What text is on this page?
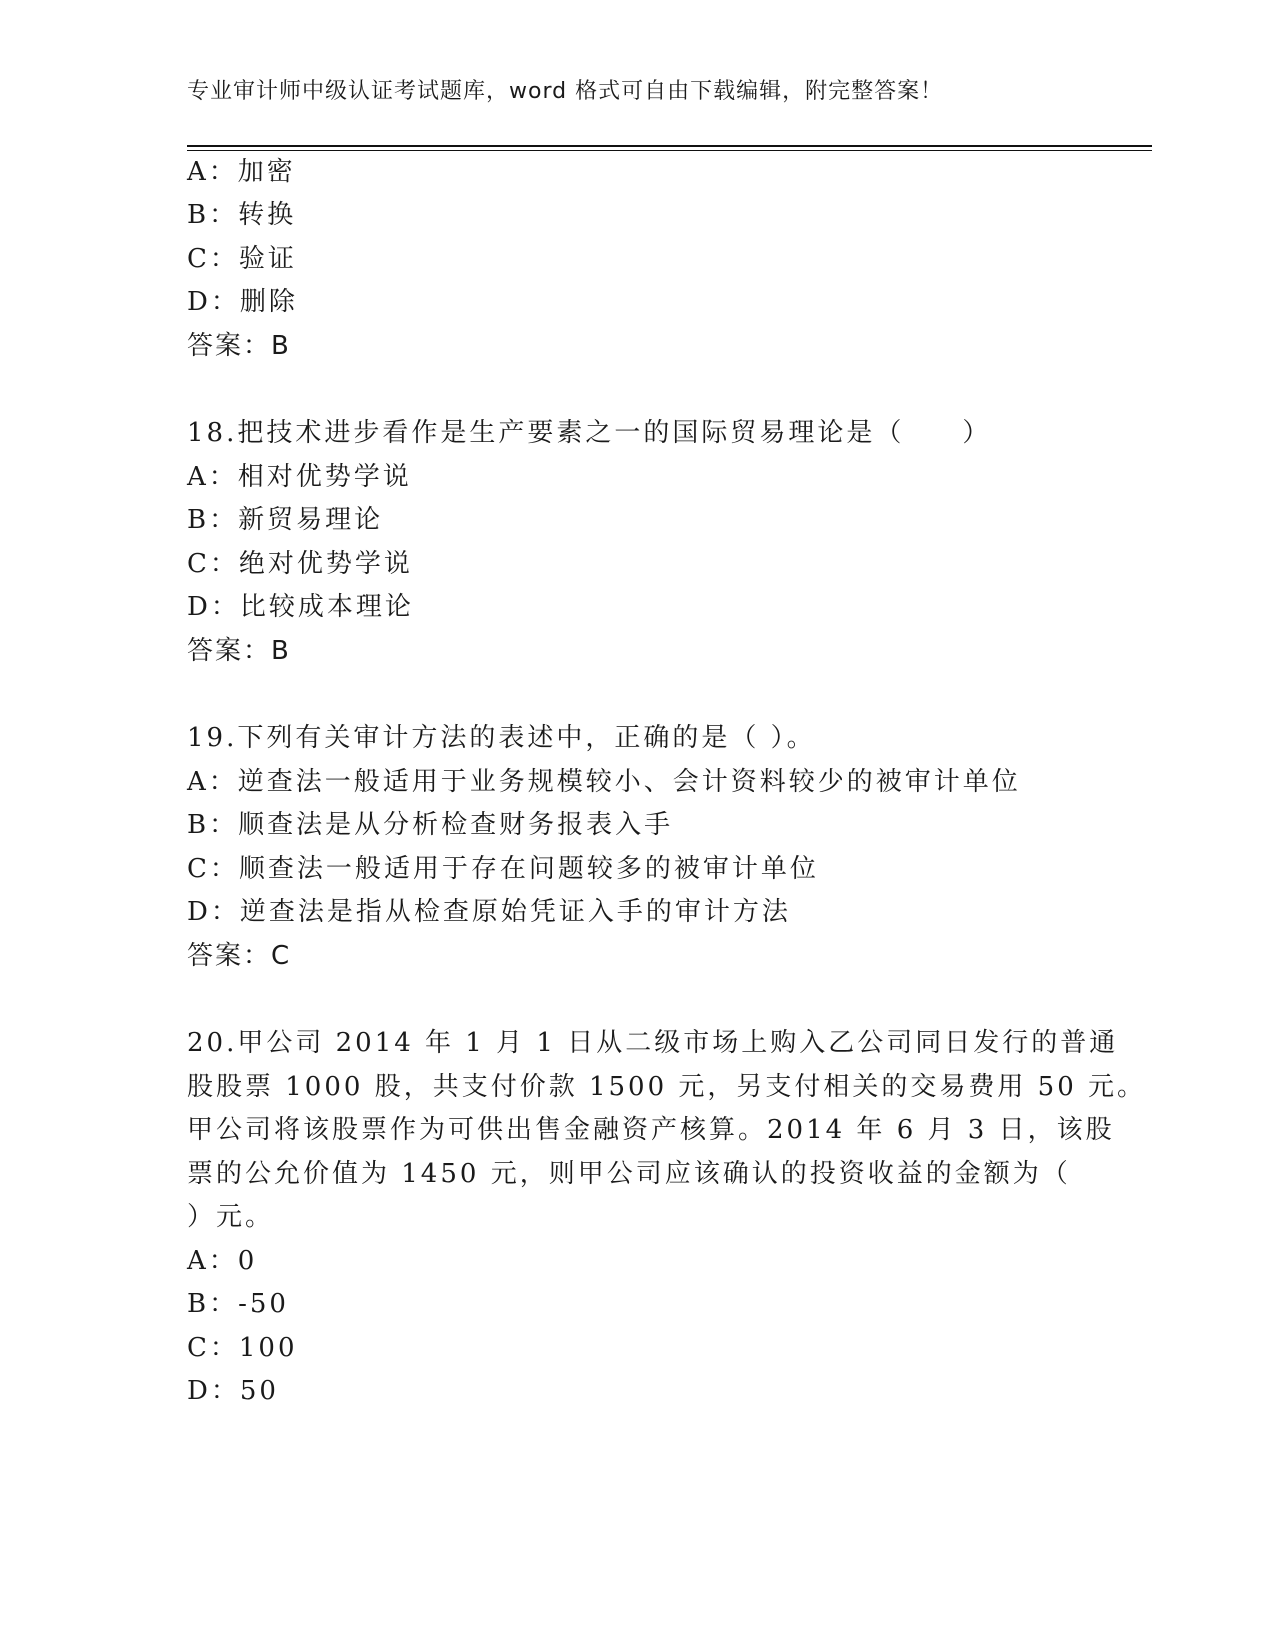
专业审计师中级认证考试题库，word 格式可自由下载编辑，附完整答案！
A：加密
B：转换
C：验证
D：删除
答案：B
18.把技术进步看作是生产要素之一的国际贸易理论是（　　）
A：相对优势学说
B：新贸易理论
C：绝对优势学说
D：比较成本理论
答案：B
19.下列有关审计方法的表述中，正确的是（ ）。
A：逆查法一般适用于业务规模较小、会计资料较少的被审计单位
B：顺查法是从分析检查财务报表入手
C：顺查法一般适用于存在问题较多的被审计单位
D：逆查法是指从检查原始凭证入手的审计方法
答案：C
20.甲公司 2014 年 1 月 1 日从二级市场上购入乙公司同日发行的普通
股股票 1000 股，共支付价款 1500 元，另支付相关的交易费用 50 元。
甲公司将该股票作为可供出售金融资产核算。2014 年 6 月 3 日，该股
票的公允价值为 1450 元，则甲公司应该确认的投资收益的金额为（
）元。
A：0
B：-50
C：100
D：50
